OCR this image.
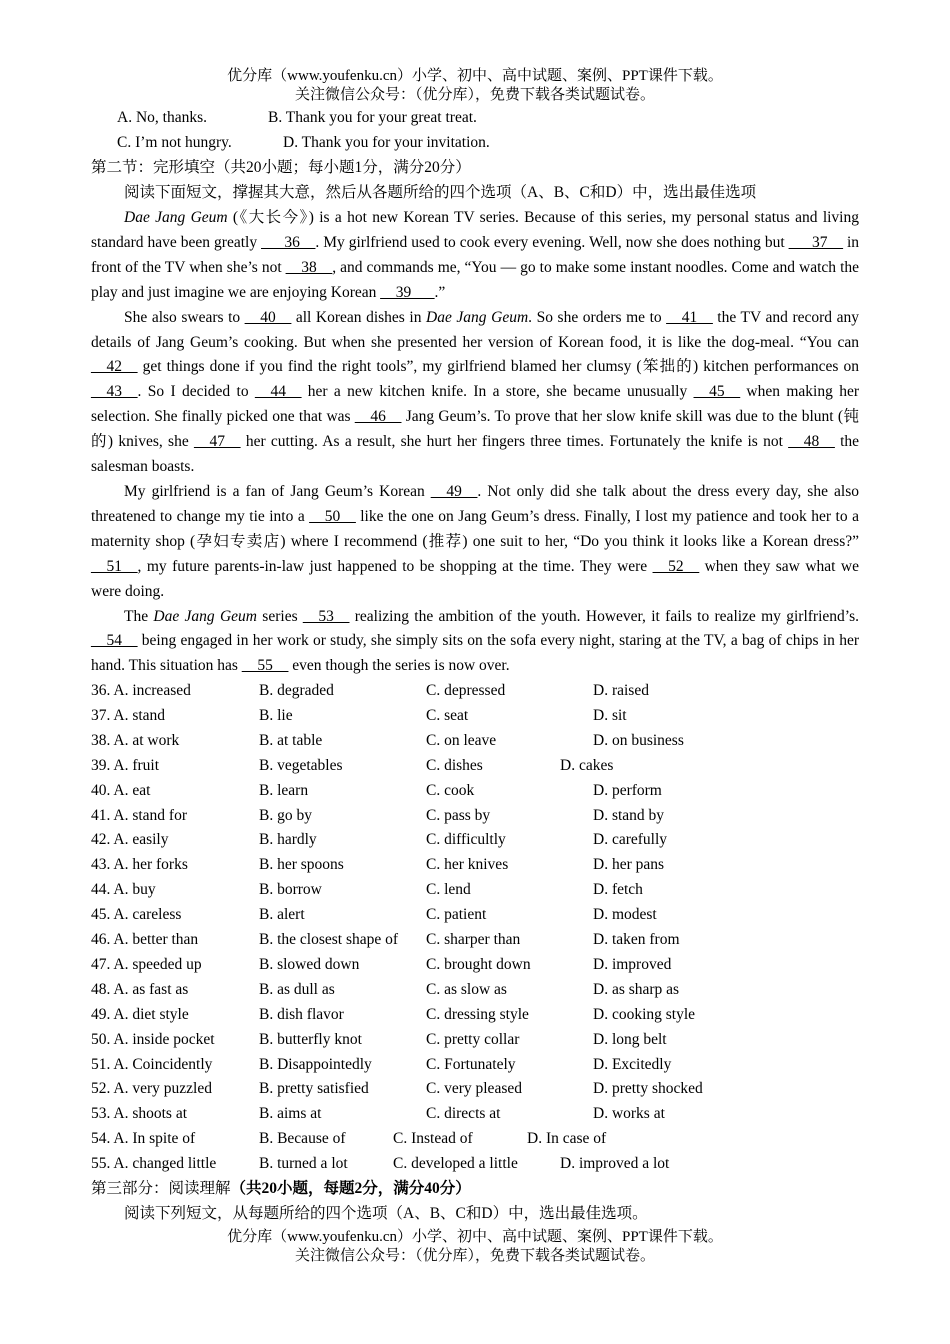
优分库（www.youfenku.cn）小学、初中、高中试题、案例、PPT课件下载。
关注微信公众号：（优分库），免费下载各类试题试卷。
A. No, thanks.	B. Thank you for your great treat.
C. I’m not hungry.	D. Thank you for your invitation.
第二节：完形填空（共20小题；每小题1分，满分20分）
阅读下面短文，撑握其大意，然后从各题所给的四个选项（A、B、C和D）中，选出最佳选项

Dae Jang Geum (《大长今》) is a hot new Korean TV series. Because of this series, my personal status and living standard have been greatly ___36__. My girlfriend used to cook every evening. Well, now she does nothing but ___37__ in front of the TV when she’s not __38__, and commands me, “You — go to make some instant noodles. Come and watch the play and just imagine we are enjoying Korean __39___.”

She also swears to __40__ all Korean dishes in Dae Jang Geum. So she orders me to __41__ the TV and record any details of Jang Geum’s cooking. But when she presented her version of Korean food, it is like the dog-meal. “You can __42__ get things done if you find the right tools”, my girlfriend blamed her clumsy (笨拙的) kitchen performances on __43__. So I decided to __44__ her a new kitchen knife. In a store, she became unusually __45__ when making her selection. She finally picked one that was __46__ Jang Geum’s. To prove that her slow knife skill was due to the blunt (钝的) knives, she __47__ her cutting. As a result, she hurt her fingers three times. Fortunately the knife is not __48__ the salesman boasts.

My girlfriend is a fan of Jang Geum’s Korean __49__. Not only did she talk about the dress every day, she also threatened to change my tie into a __50__ like the one on Jang Geum’s dress. Finally, I lost my patience and took her to a maternity shop (孕妇专卖店) where I recommend (推荐) one suit to her, “Do you think it looks like a Korean dress?” __51__, my future parents-in-law just happened to be shopping at the time. They were __52__ when they saw what we were doing.

The Dae Jang Geum series __53__ realizing the ambition of the youth. However, it fails to realize my girlfriend’s. __54__ being engaged in her work or study, she simply sits on the sofa every night, staring at the TV, a bag of chips in her hand. This situation has __55__ even though the series is now over.

36. A. increased	B. degraded	C. depressed	D. raised
37. A. stand	B. lie	C. seat	D. sit
38. A. at work	B. at table	C. on leave	D. on business
39. A. fruit	B. vegetables	C. dishes	D. cakes
40. A. eat	B. learn	C. cook	D. perform
41. A. stand for	B. go by	C. pass by	D. stand by
42. A. easily	B. hardly	C. difficultly	D. carefully
43. A. her forks	B. her spoons	C. her knives	D. her pans
44. A. buy	B. borrow	C. lend	D. fetch
45. A. careless	B. alert	C. patient	D. modest
46. A. better than	B. the closest shape of C. sharper than	D. taken from
47. A. speeded up	B. slowed down	C. brought down	D. improved
48. A. as fast as	B. as dull as	C. as slow as	D. as sharp as
49. A. diet style	B. dish flavor	C. dressing style	D. cooking style
50. A. inside pocket	B. butterfly knot	C. pretty collar	D. long belt
51. A. Coincidently	B. Disappointedly	C. Fortunately	D. Excitedly
52. A. very puzzled	B. pretty satisfied	C. very pleased	D. pretty shocked
53. A. shoots at	B. aims at	C. directs at	D. works at
54. A. In spite of	B. Because of	C. Instead of	D. In case of
55. A. changed little	B. turned a lot	C. developed a little	D. improved a lot
第三部分：阅读理解（共20小题，每题2分，满分40分）
阅读下列短文，从每题所给的四个选项（A、B、C和D）中，选出最佳选项。
优分库（www.youfenku.cn）小学、初中、高中试题、案例、PPT课件下载。
关注微信公众号：（优分库），免费下载各类试题试卷。
